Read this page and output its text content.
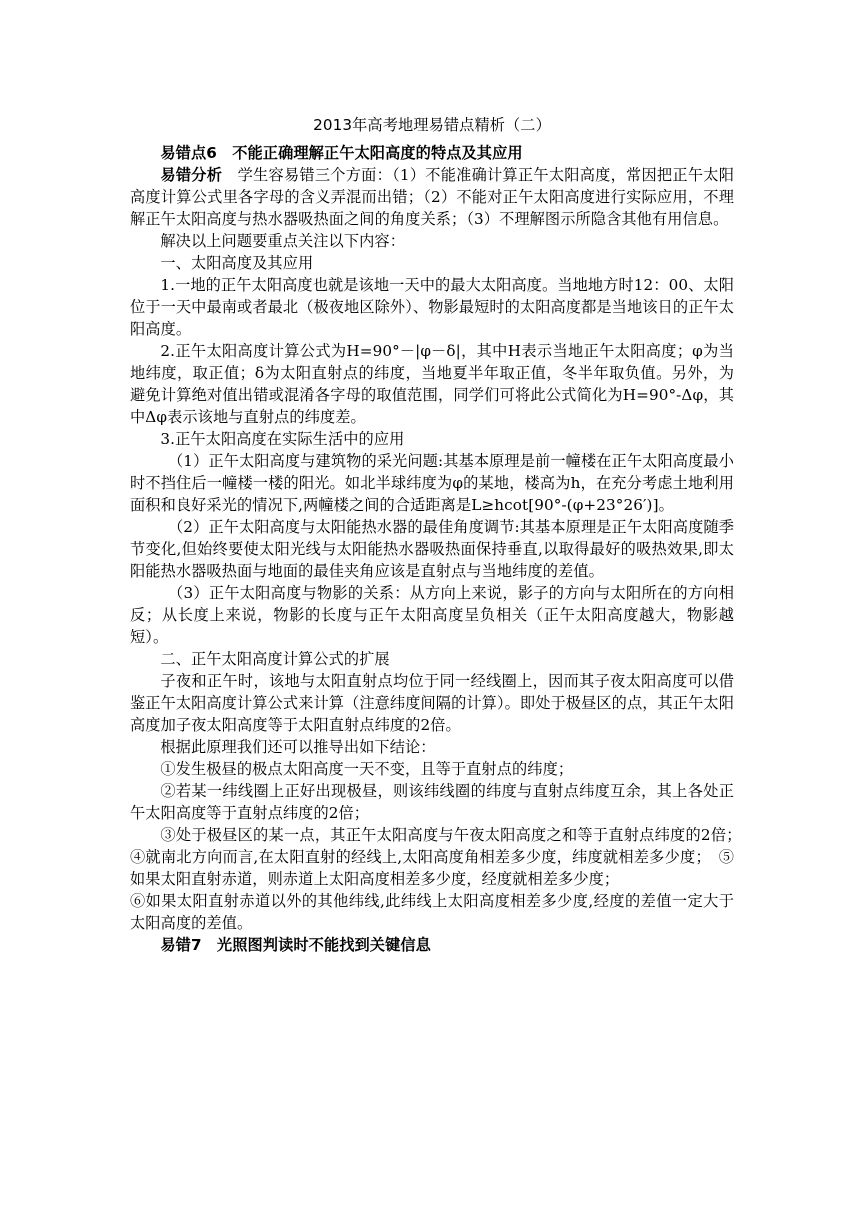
2013年高考地理易错点精析（二）
易错点6　不能正确理解正午太阳高度的特点及其应用

易错分析　学生容易错三个方面：（1）不能准确计算正午太阳高度，常因把正午太阳高度计算公式里各字母的含义弄混而出错；（2）不能对正午太阳高度进行实际应用，不理解正午太阳高度与热水器吸热面之间的角度关系；（3）不理解图示所隐含其他有用信息。

解决以上问题要重点关注以下内容：

一、太阳高度及其应用

1.一地的正午太阳高度也就是该地一天中的最大太阳高度。当地地方时12：00、太阳位于一天中最南或者最北（极夜地区除外）、物影最短时的太阳高度都是当地该日的正午太阳高度。

2.正午太阳高度计算公式为H=90°－|φ－δ|，其中H表示当地正午太阳高度；φ为当地纬度，取正值；δ为太阳直射点的纬度，当地夏半年取正值，冬半年取负值。另外，为避免计算绝对值出错或混淆各字母的取值范围，同学们可将此公式简化为H=90°-Δφ，其中Δφ表示该地与直射点的纬度差。

3.正午太阳高度在实际生活中的应用

（1）正午太阳高度与建筑物的采光问题:其基本原理是前一幢楼在正午太阳高度最小时不挡住后一幢楼一楼的阳光。如北半球纬度为φ的某地，楼高为h，在充分考虑土地利用面积和良好采光的情况下,两幢楼之间的合适距离是L≥hcot[90°-(φ+23°26′)]。

（2）正午太阳高度与太阳能热水器的最佳角度调节:其基本原理是正午太阳高度随季节变化,但始终要使太阳光线与太阳能热水器吸热面保持垂直,以取得最好的吸热效果,即太阳能热水器吸热面与地面的最佳夹角应该是直射点与当地纬度的差值。

（3）正午太阳高度与物影的关系：从方向上来说，影子的方向与太阳所在的方向相反；从长度上来说，物影的长度与正午太阳高度呈负相关（正午太阳高度越大，物影越短）。

二、正午太阳高度计算公式的扩展

子夜和正午时，该地与太阳直射点均位于同一经线圈上，因而其子夜太阳高度可以借鉴正午太阳高度计算公式来计算（注意纬度间隔的计算）。即处于极昼区的点，其正午太阳高度加子夜太阳高度等于太阳直射点纬度的2倍。

根据此原理我们还可以推导出如下结论：

①发生极昼的极点太阳高度一天不变，且等于直射点的纬度；

②若某一纬线圈上正好出现极昼，则该纬线圈的纬度与直射点纬度互余，其上各处正午太阳高度等于直射点纬度的2倍；

③处于极昼区的某一点，其正午太阳高度与午夜太阳高度之和等于直射点纬度的2倍；　④就南北方向而言,在太阳直射的经线上,太阳高度角相差多少度，纬度就相差多少度；　⑤如果太阳直射赤道，则赤道上太阳高度相差多少度，经度就相差多少度；

⑥如果太阳直射赤道以外的其他纬线,此纬线上太阳高度相差多少度,经度的差值一定大于太阳高度的差值。

易错7　光照图判读时不能找到关键信息
